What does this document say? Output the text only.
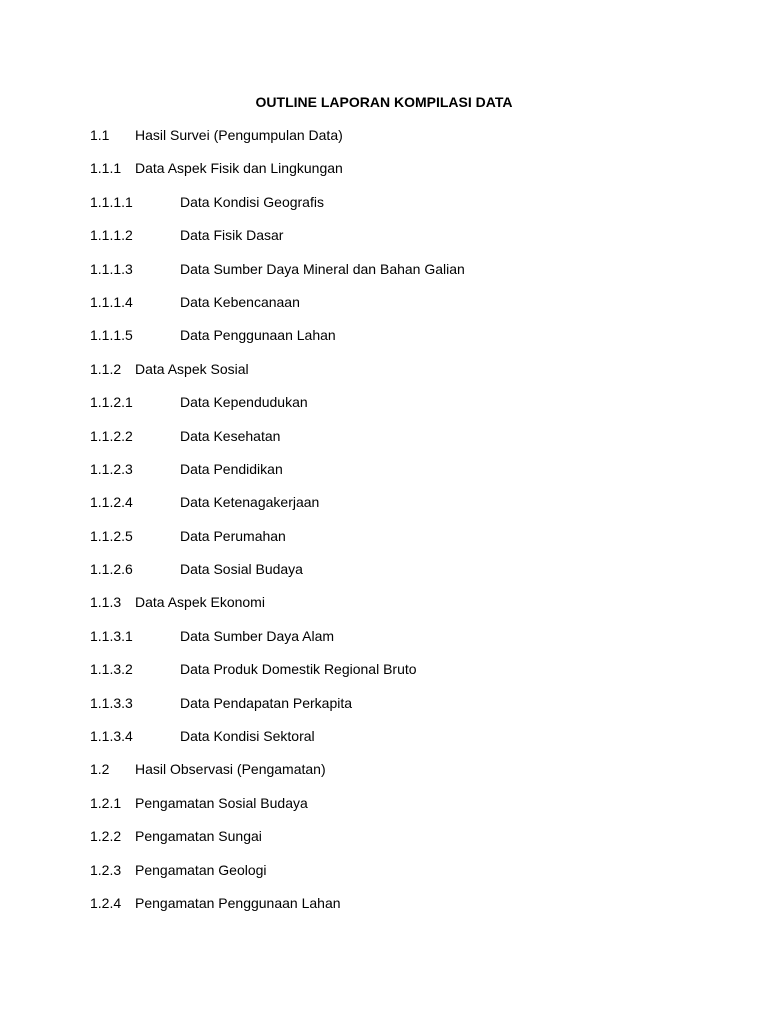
OUTLINE LAPORAN KOMPILASI DATA
1.1 Hasil Survei (Pengumpulan Data)
1.1.1 Data Aspek Fisik dan Lingkungan
1.1.1.1	Data Kondisi Geografis
1.1.1.2	Data Fisik Dasar
1.1.1.3	Data Sumber Daya Mineral dan Bahan Galian
1.1.1.4	Data Kebencanaan
1.1.1.5	Data Penggunaan Lahan
1.1.2 Data Aspek Sosial
1.1.2.1	Data Kependudukan
1.1.2.2	Data Kesehatan
1.1.2.3	Data Pendidikan
1.1.2.4	Data Ketenagakerjaan
1.1.2.5	Data Perumahan
1.1.2.6	Data Sosial Budaya
1.1.3 Data Aspek Ekonomi
1.1.3.1	Data Sumber Daya Alam
1.1.3.2	Data Produk Domestik Regional Bruto
1.1.3.3	Data Pendapatan Perkapita
1.1.3.4	Data Kondisi Sektoral
1.2 Hasil Observasi (Pengamatan)
1.2.1 Pengamatan Sosial Budaya
1.2.2 Pengamatan Sungai
1.2.3 Pengamatan Geologi
1.2.4 Pengamatan Penggunaan Lahan
